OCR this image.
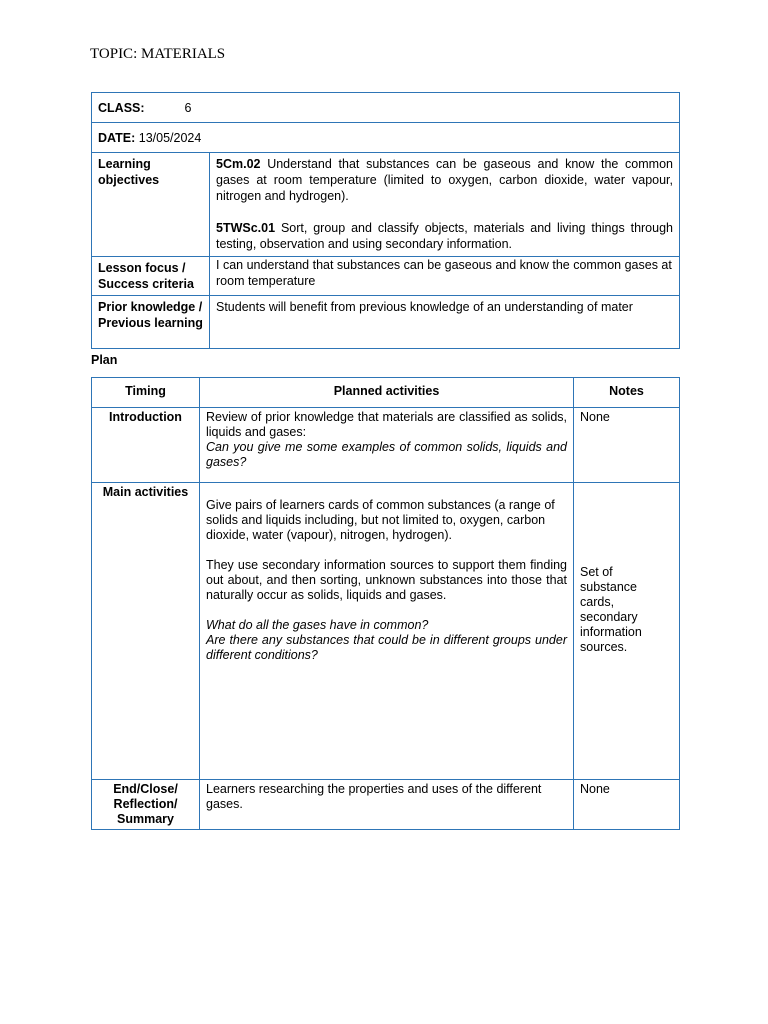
TOPIC: MATERIALS
CLASS: 6	
DATE: 13/05/2024	
Learning objectives	5Cm.02 Understand that substances can be gaseous and know the common gases at room temperature (limited to oxygen, carbon dioxide, water vapour, nitrogen and hydrogen).

5TWSc.01 Sort, group and classify objects, materials and living things through testing, observation and using secondary information.

Lesson focus / Success criteria	I can understand that substances can be gaseous and know the common gases at room temperature
Prior knowledge / Previous learning	Students will benefit from previous knowledge of an understanding of mater
Plan
Timing	Planned activities	Notes
Introduction	Review of prior knowledge that materials are classified as solids, liquids and gases:

Can you give me some examples of common solids, liquids and gases?	None
Main activities	Give pairs of learners cards of common substances (a range of solids and liquids including, but not limited to, oxygen, carbon dioxide, water (vapour), nitrogen, hydrogen).

They use secondary information sources to support them finding out about, and then sorting, unknown substances into those that naturally occur as solids, liquids and gases.

What do all the gases have in common?

Are there any substances that could be in different groups under different conditions?	Set of substance cards, secondary information sources.
End/Close/ Reflection/ Summary	Learners researching the properties and uses of the different gases.	None
